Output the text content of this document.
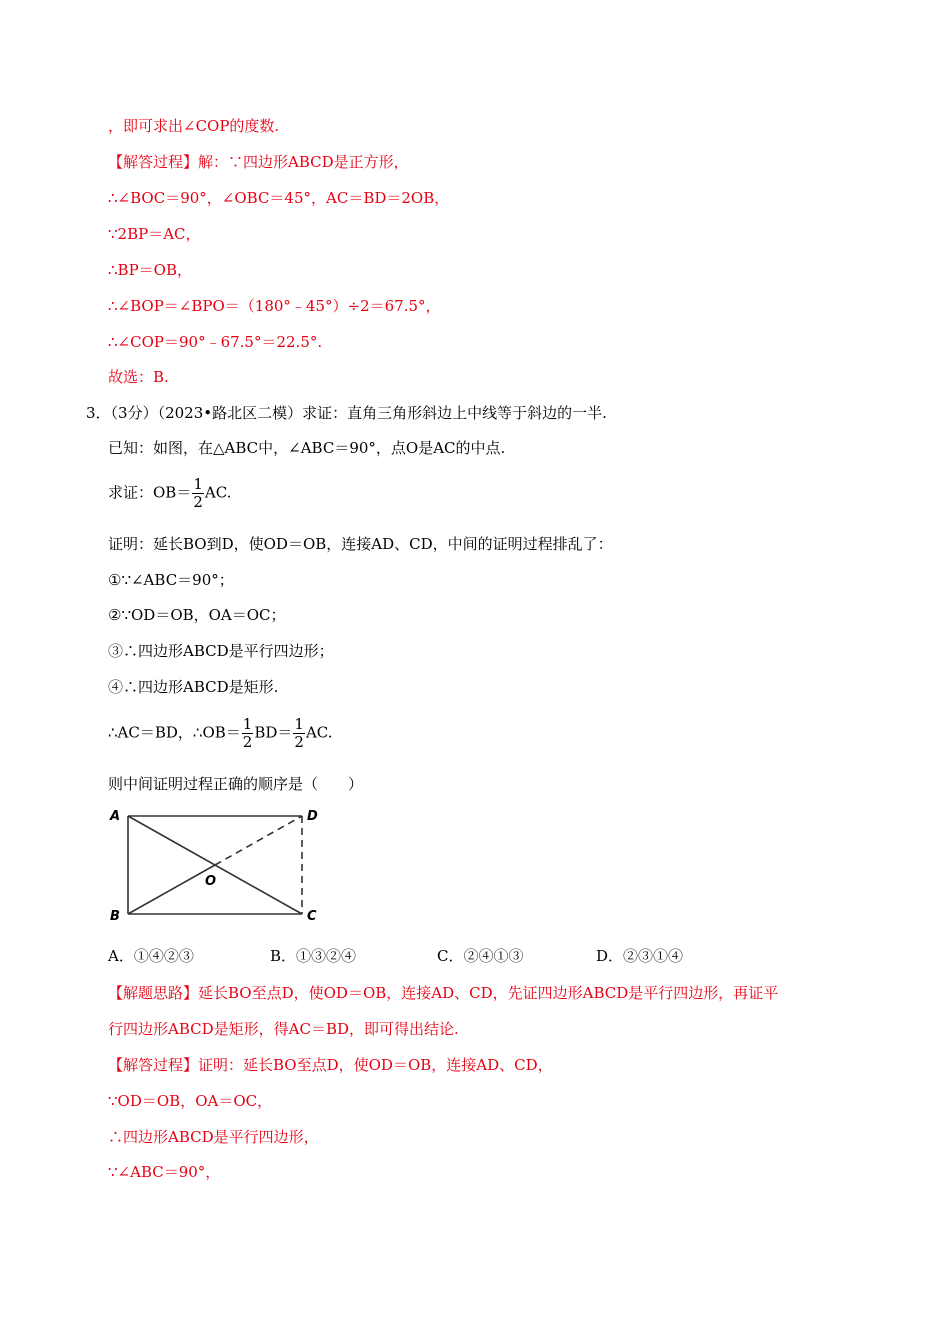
，即可求出∠COP的度数.
【解答过程】解：∵四边形ABCD是正方形，
∴∠BOC＝90°，∠OBC＝45°，AC＝BD＝2OB，
∵2BP＝AC，
∴BP＝OB，
∴∠BOP＝∠BPO＝（180°﹣45°）÷2＝67.5°，
∴∠COP＝90°﹣67.5°＝22.5°.
故选：B.
3．（3分）（2023•路北区二模）求证：直角三角形斜边上中线等于斜边的一半.
已知：如图，在△ABC中，∠ABC＝90°，点O是AC的中点.
求证：$OB= \frac{1}{2}$ AC.
证明：延长BO到D，使OD＝OB，连接AD、CD，中间的证明过程排乱了：
①∵∠ABC＝90°；
②∵OD＝OB，OA＝OC；
③∴四边形ABCD是平行四边形；
④∴四边形ABCD是矩形.
∴AC＝BD，∴OB＝ $\frac{1}{2} BD= \frac{1}{2}$ AC.
则中间证明过程正确的顺序是（　　）
A	D
O
B	C
A．①④②③	B．①③②④	C．②④①③	D．②③①④
【解题思路】延长BO至点D，使OD＝OB，连接AD、CD，先证四边形ABCD是平行四边形，再证平
行四边形ABCD是矩形，得AC＝BD，即可得出结论.
【解答过程】证明：延长BO至点D，使OD＝OB，连接AD、CD，
∵OD＝OB，OA＝OC，
∴四边形ABCD是平行四边形，
∵∠ABC＝90°，
